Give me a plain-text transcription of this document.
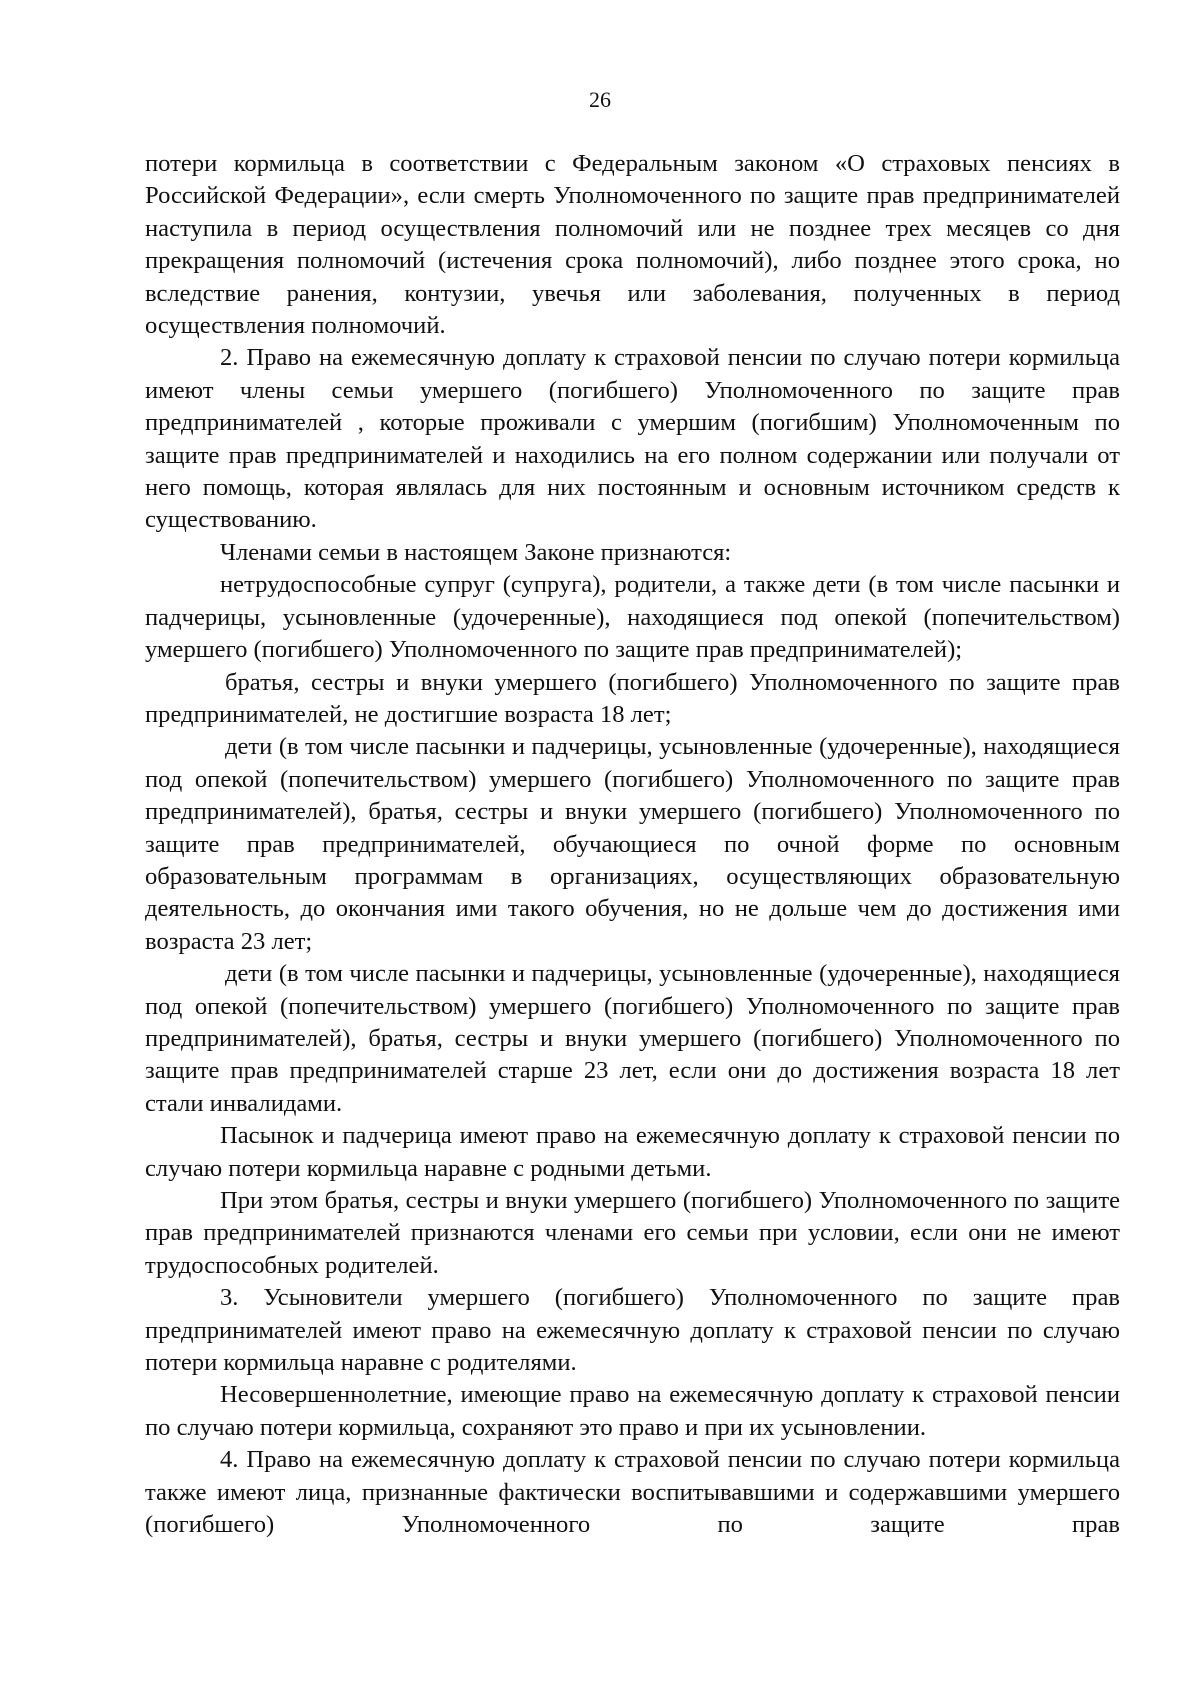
26

потери кормильца в соответствии с Федеральным законом «О страховых пенсиях в Российской Федерации», если смерть Уполномоченного по защите прав предпринимателей наступила в период осуществления полномочий или не позднее трех месяцев со дня прекращения полномочий (истечения срока полномочий), либо позднее этого срока, но вследствие ранения, контузии, увечья или заболевания, полученных в период осуществления полномочий.

2. Право на ежемесячную доплату к страховой пенсии по случаю потери кормильца имеют члены семьи умершего (погибшего) Уполномоченного по защите прав предпринимателей , которые проживали с умершим (погибшим) Уполномоченным по защите прав предпринимателей и находились на его полном содержании или получали от него помощь, которая являлась для них постоянным и основным источником средств к существованию.

Членами семьи в настоящем Законе признаются:

нетрудоспособные супруг (супруга), родители, а также дети (в том числе пасынки и падчерицы, усыновленные (удочеренные), находящиеся под опекой (попечительством) умершего (погибшего) Уполномоченного по защите прав предпринимателей);

братья, сестры и внуки умершего (погибшего) Уполномоченного по защите прав предпринимателей, не достигшие возраста 18 лет;

дети (в том числе пасынки и падчерицы, усыновленные (удочеренные), находящиеся под опекой (попечительством) умершего (погибшего) Уполномоченного по защите прав предпринимателей), братья, сестры и внуки умершего (погибшего) Уполномоченного по защите прав предпринимателей, обучающиеся по очной форме по основным образовательным программам в организациях, осуществляющих образовательную деятельность, до окончания ими такого обучения, но не дольше чем до достижения ими возраста 23 лет;

дети (в том числе пасынки и падчерицы, усыновленные (удочеренные), находящиеся под опекой (попечительством) умершего (погибшего) Уполномоченного по защите прав предпринимателей), братья, сестры и внуки умершего (погибшего) Уполномоченного по защите прав предпринимателей старше 23 лет, если они до достижения возраста 18 лет стали инвалидами.

Пасынок и падчерица имеют право на ежемесячную доплату к страховой пенсии по случаю потери кормильца наравне с родными детьми.

При этом братья, сестры и внуки умершего (погибшего) Уполномоченного по защите прав предпринимателей признаются членами его семьи при условии, если они не имеют трудоспособных родителей.

3. Усыновители умершего (погибшего) Уполномоченного по защите прав предпринимателей имеют право на ежемесячную доплату к страховой пенсии по случаю потери кормильца наравне с родителями.

Несовершеннолетние, имеющие право на ежемесячную доплату к страховой пенсии по случаю потери кормильца, сохраняют это право и при их усыновлении.

4. Право на ежемесячную доплату к страховой пенсии по случаю потери кормильца также имеют лица, признанные фактически воспитывавшими и содержавшими умершего (погибшего) Уполномоченного по защите прав
